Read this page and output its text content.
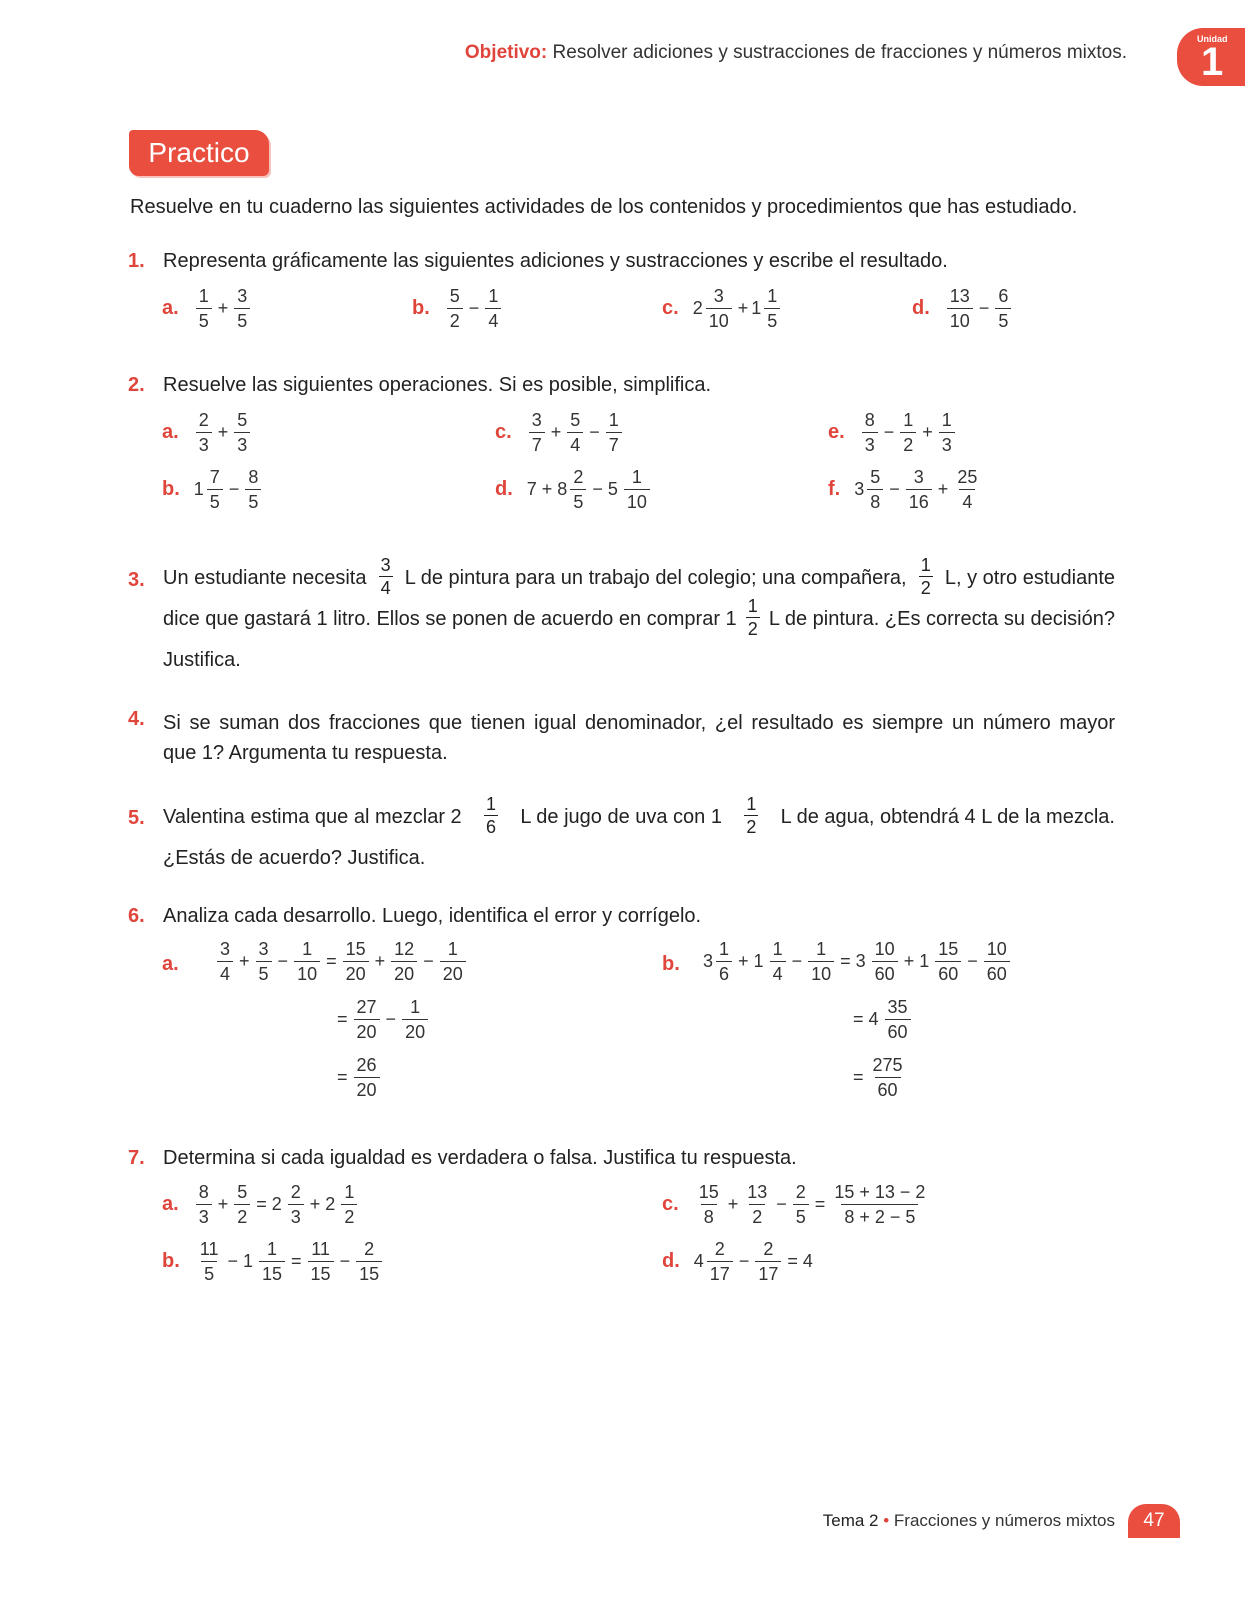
Objetivo: Resolver adiciones y sustracciones de fracciones y números mixtos.
Unidad
1
Practico
Resuelve en tu cuaderno las siguientes actividades de los contenidos y procedimientos que has estudiado.
1. Representa gráficamente las siguientes adiciones y sustracciones y escribe el resultado.
a. $\frac{1}{5} + \frac{3}{5}$	b. $\frac{5}{2} - \frac{1}{4}$	c. $2 \frac{3}{10} + 1 \frac{1}{5}$	d. $\frac{13}{10} - \frac{6}{5}$
2. Resuelve las siguientes operaciones. Si es posible, simplifica.
a. $\frac{2}{3} + \frac{5}{3}$
b. $1 \frac{7}{5} - \frac{8}{5}$
c. $\frac{3}{7} + \frac{5}{4} - \frac{1}{7}$
d. $7 + 8 \frac{2}{5} - 5 \frac{1}{10}$
e. $\frac{8}{3} - \frac{1}{2} + \frac{1}{3}$
f. $3 \frac{5}{8} - \frac{3}{16} + \frac{25}{4}$
3. Un estudiante necesita $\frac{3}{4}$ L de pintura para un trabajo del colegio; una compañera, $\frac{1}{2} L$, y otro estudiante
dice que gastará 1 litro. Ellos se ponen de acuerdo en comprar $1 \frac{1}{2}$ L de pintura. ¿Es correcta su decisión?
Justifica.
4. Si se suman dos fracciones que tienen igual denominador, ¿el resultado es siempre un número mayor
que 1? Argumenta tu respuesta.
5. Valentina estima que al mezclar $2 \frac{1}{6}$ L de jugo de uva con $1 \frac{1}{2}$ L de agua, obtendrá 4 L de la mezcla.
¿Estás de acuerdo? Justifica.
6. Analiza cada desarrollo. Luego, identifica el error y corrígelo.
a. $\frac{3}{4} + \frac{3}{5} - \frac{1}{10} = \frac{15}{20} + \frac{12}{20} - \frac{1}{20}$
= $\frac{27}{20} - \frac{1}{20}$
= $\frac{26}{20}$
b. $3 \frac{1}{6} + 1 \frac{1}{4} - \frac{1}{10} = 3 \frac{10}{60} + 1 \frac{15}{60} - \frac{10}{60}$
= $4 \frac{35}{60}$
= $\frac{275}{60}$
7. Determina si cada igualdad es verdadera o falsa. Justifica tu respuesta.
a. $\frac{8}{3} + \frac{5}{2} = 2 \frac{2}{3} + 2 \frac{1}{2}$
b. $\frac{11}{5} - 1 \frac{1}{15} = \frac{11}{15} - \frac{2}{15}$
c. $\frac{15}{8} + \frac{13}{2} - \frac{2}{5} = \frac{15 + 13 - 2}{8 + 2 - 5}$
d. $4 \frac{2}{17} - \frac{2}{17} = 4$
Tema 2 • Fracciones y números mixtos	47
